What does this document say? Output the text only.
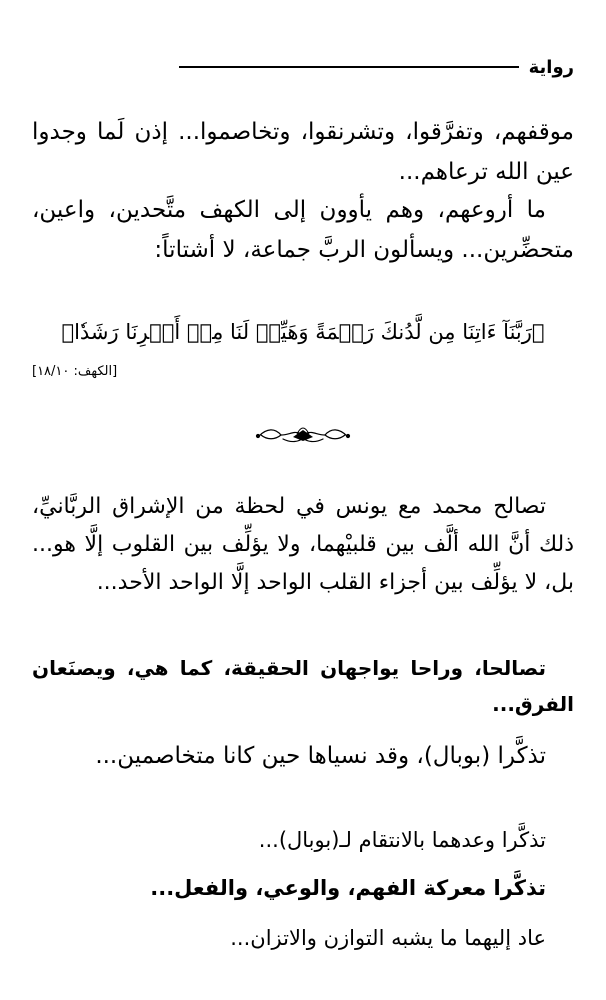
رواية
موقفهم، وتفرَّقوا، وتشرنقوا، وتخاصموا... إذن لَما وجدوا عين الله ترعاهم...
ما أروعهم، وهم يأوون إلى الكهف متَّحدين، واعين، متحضِّرين... ويسألون الربَّ جماعة، لا أشتاتاً:
﴿رَبَّنَآ ءَاتِنَا مِن لَّدُنكَ رَحۡمَةً وَهَيِّئۡ لَنَا مِنۡ أَمۡرِنَا رَشَدٗا﴾
[الكهف: ١٨/١٠]
تصالح محمد مع يونس في لحظة من الإشراق الربَّانيِّ، ذلك أنَّ الله ألَّف بين قلبيْهما، ولا يؤلِّف بين القلوب إلَّا هو... بل، لا يؤلِّف بين أجزاء القلب الواحد إلَّا الواحد الأحد...
تصالحا، وراحا يواجهان الحقيقة، كما هي، ويصنَعان الفرق...
تذكَّرا (بوبال)، وقد نسياها حين كانا متخاصمين...
تذكَّرا وعدهما بالانتقام لـ(بوبال)...
تذكَّرا معركة الفهم، والوعي، والفعل...
عاد إليهما ما يشبه التوازن والاتزان...
